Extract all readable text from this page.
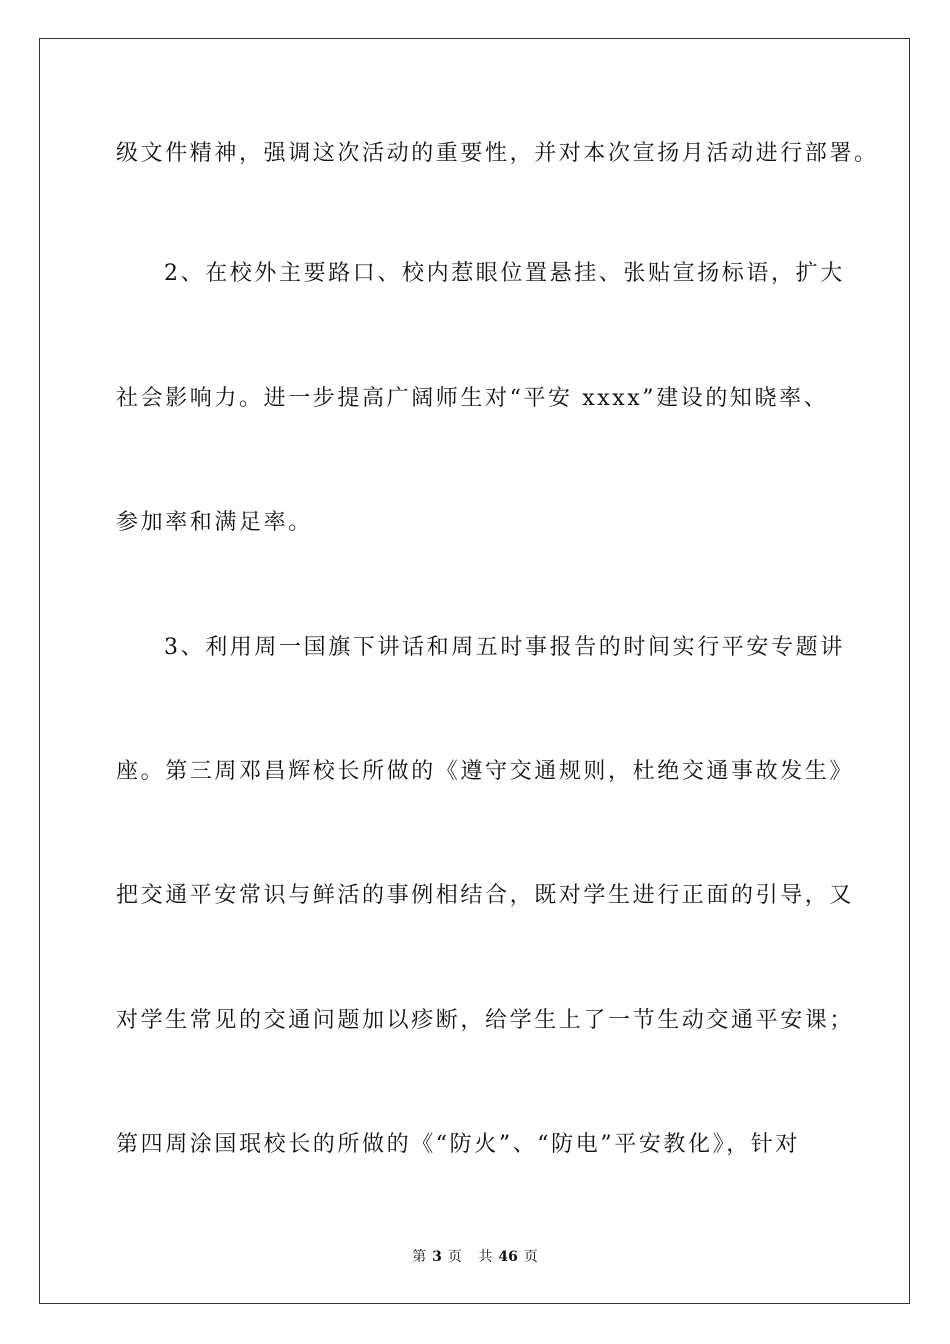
级文件精神，强调这次活动的重要性，并对本次宣扬月活动进行部署。
2、在校外主要路口、校内惹眼位置悬挂、张贴宣扬标语，扩大
社会影响力。进一步提高广阔师生对“平安 xxxx”建设的知晓率、
参加率和满足率。
3、利用周一国旗下讲话和周五时事报告的时间实行平安专题讲
座。第三周邓昌辉校长所做的《遵守交通规则，杜绝交通事故发生》
把交通平安常识与鲜活的事例相结合，既对学生进行正面的引导，又
对学生常见的交通问题加以疹断，给学生上了一节生动交通平安课；
第四周涂国珉校长的所做的《“防火”、“防电”平安教化》，针对
第 3 页 共 46 页
